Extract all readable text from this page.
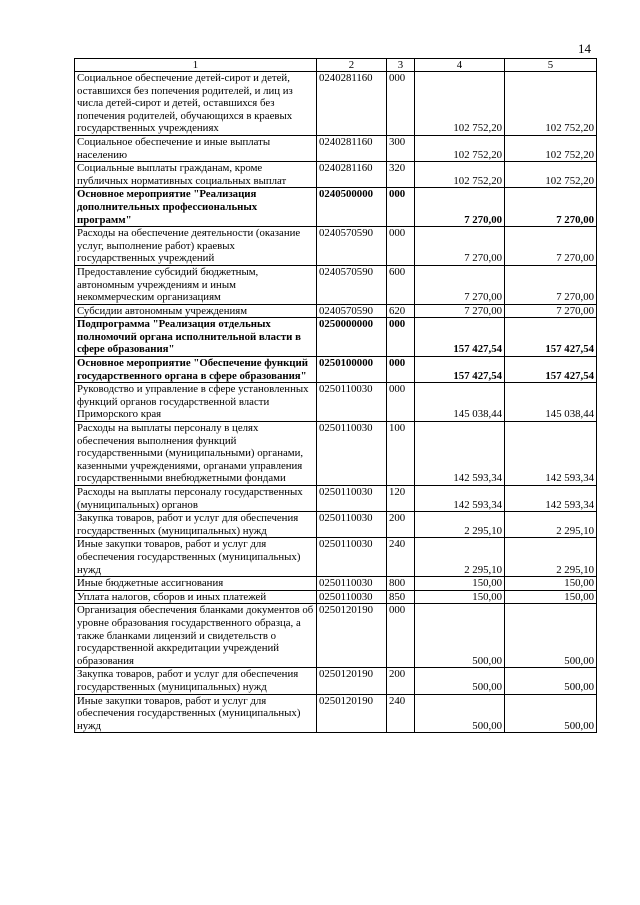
14
1	2	3	4	5
Социальное обеспечение детей-сирот и детей, оставшихся без попечения родителей, и лиц из числа детей-сирот и детей, оставшихся без попечения родителей, обучающихся в краевых государственных учреждениях	0240281160	000	102 752,20	102 752,20
Социальное обеспечение и иные выплаты населению	0240281160	300	102 752,20	102 752,20
Социальные выплаты гражданам, кроме публичных нормативных социальных выплат	0240281160	320	102 752,20	102 752,20
Основное мероприятие "Реализация дополнительных профессиональных программ"	0240500000	000	7 270,00	7 270,00
Расходы на обеспечение деятельности (оказание услуг, выполнение работ) краевых государственных учреждений	0240570590	000	7 270,00	7 270,00
Предоставление субсидий бюджетным, автономным учреждениям и иным некоммерческим организациям	0240570590	600	7 270,00	7 270,00
Субсидии автономным учреждениям	0240570590	620	7 270,00	7 270,00
Подпрограмма "Реализация отдельных полномочий органа исполнительной власти в сфере образования"	0250000000	000	157 427,54	157 427,54
Основное мероприятие "Обеспечение функций государственного органа в сфере образования"	0250100000	000	157 427,54	157 427,54
Руководство и управление в сфере установленных функций органов государственной власти Приморского края	0250110030	000	145 038,44	145 038,44
Расходы на выплаты персоналу в целях обеспечения выполнения функций государственными (муниципальными) органами, казенными учреждениями, органами управления государственными внебюджетными фондами	0250110030	100	142 593,34	142 593,34
Расходы на выплаты персоналу государственных (муниципальных) органов	0250110030	120	142 593,34	142 593,34
Закупка товаров, работ и услуг для обеспечения государственных (муниципальных) нужд	0250110030	200	2 295,10	2 295,10
Иные закупки товаров, работ и услуг для обеспечения государственных (муниципальных) нужд	0250110030	240	2 295,10	2 295,10
Иные бюджетные ассигнования	0250110030	800	150,00	150,00
Уплата налогов, сборов и иных платежей	0250110030	850	150,00	150,00
Организация обеспечения бланками документов об уровне образования государственного образца, а также бланками лицензий и свидетельств о государственной аккредитации учреждений образования	0250120190	000	500,00	500,00
Закупка товаров, работ и услуг для обеспечения государственных (муниципальных) нужд	0250120190	200	500,00	500,00
Иные закупки товаров, работ и услуг для обеспечения государственных (муниципальных) нужд	0250120190	240	500,00	500,00
